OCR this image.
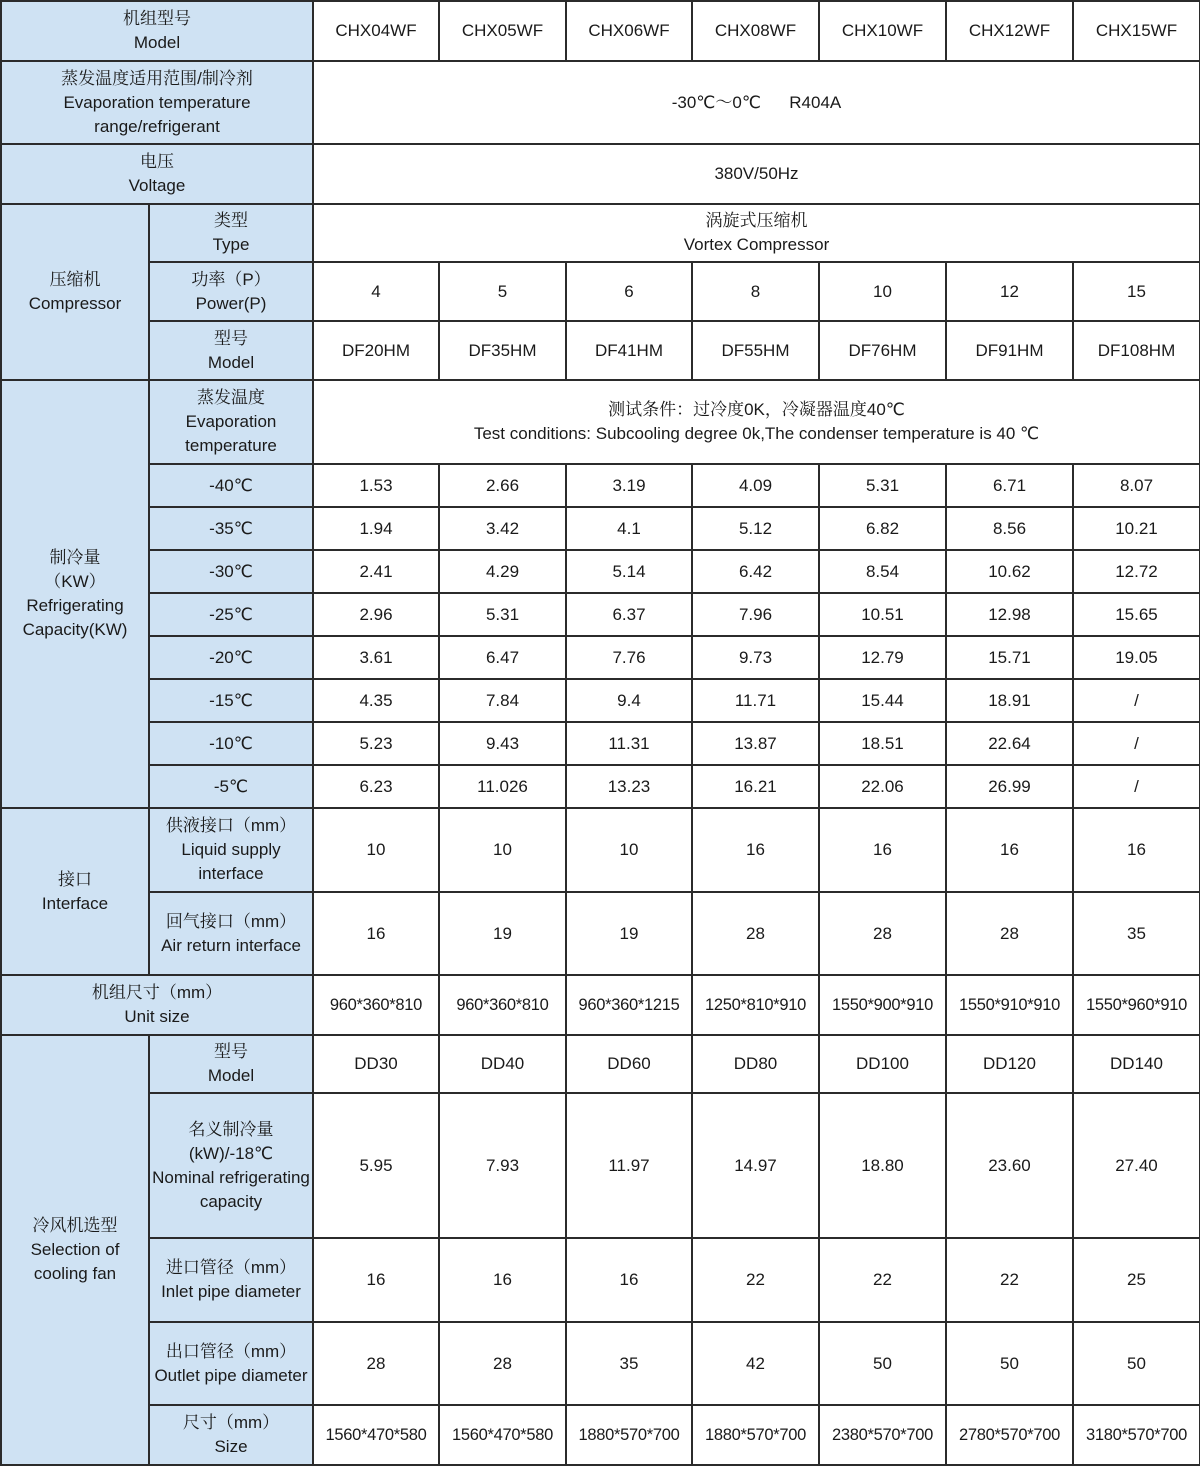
机组型号
Model		CHX04WF	CHX05WF	CHX06WF	CHX08WF	CHX10WF	CHX12WF	CHX15WF

蒸发温度适用范围/制冷剂
Evaporation temperature range/refrigerant		-30℃～0℃ R404A						

电压
Voltage		380V/50Hz						

压缩机
Compressor	类型
Type	涡旋式压缩机
Vortex Compressor						

	功率（P）
Power(P)	4	5	6	8	10	12	15

	型号
Model	DF20HM	DF35HM	DF41HM	DF55HM	DF76HM	DF91HM	DF108HM

制冷量
（KW）
Refrigerating Capacity(KW)	蒸发温度
Evaporation temperature	测试条件：过冷度0K，冷凝器温度40℃
Test conditions: Subcooling degree 0k,The condenser temperature is 40 ℃						

	-40℃	1.53	2.66	3.19	4.09	5.31	6.71	8.07
	-35℃	1.94	3.42	4.1	5.12	6.82	8.56	10.21
	-30℃	2.41	4.29	5.14	6.42	8.54	10.62	12.72
	-25℃	2.96	5.31	6.37	7.96	10.51	12.98	15.65
	-20℃	3.61	6.47	7.76	9.73	12.79	15.71	19.05
	-15℃	4.35	7.84	9.4	11.71	15.44	18.91	/
	-10℃	5.23	9.43	11.31	13.87	18.51	22.64	/
	-5℃	6.23	11.026	13.23	16.21	22.06	26.99	/

接口
Interface	供液接口（mm）
Liquid supply interface	10	10	10	16	16	16	16

	回气接口（mm）
Air return interface	16	19	19	28	28	28	35

机组尺寸（mm）
Unit size		960*360*810	960*360*810	960*360*1215	1250*810*910	1550*900*910	1550*910*910	1550*960*910

冷风机选型
Selection of cooling fan	型号
Model	DD30	DD40	DD60	DD80	DD100	DD120	DD140

	名义制冷量(kW)/-18℃
Nominal refrigerating capacity	5.95	7.93	11.97	14.97	18.80	23.60	27.40

	进口管径（mm）
Inlet pipe diameter	16	16	16	22	22	22	25

	出口管径（mm）
Outlet pipe diameter	28	28	35	42	50	50	50

	尺寸（mm）
Size	1560*470*580	1560*470*580	1880*570*700	1880*570*700	2380*570*700	2780*570*700	3180*570*700
